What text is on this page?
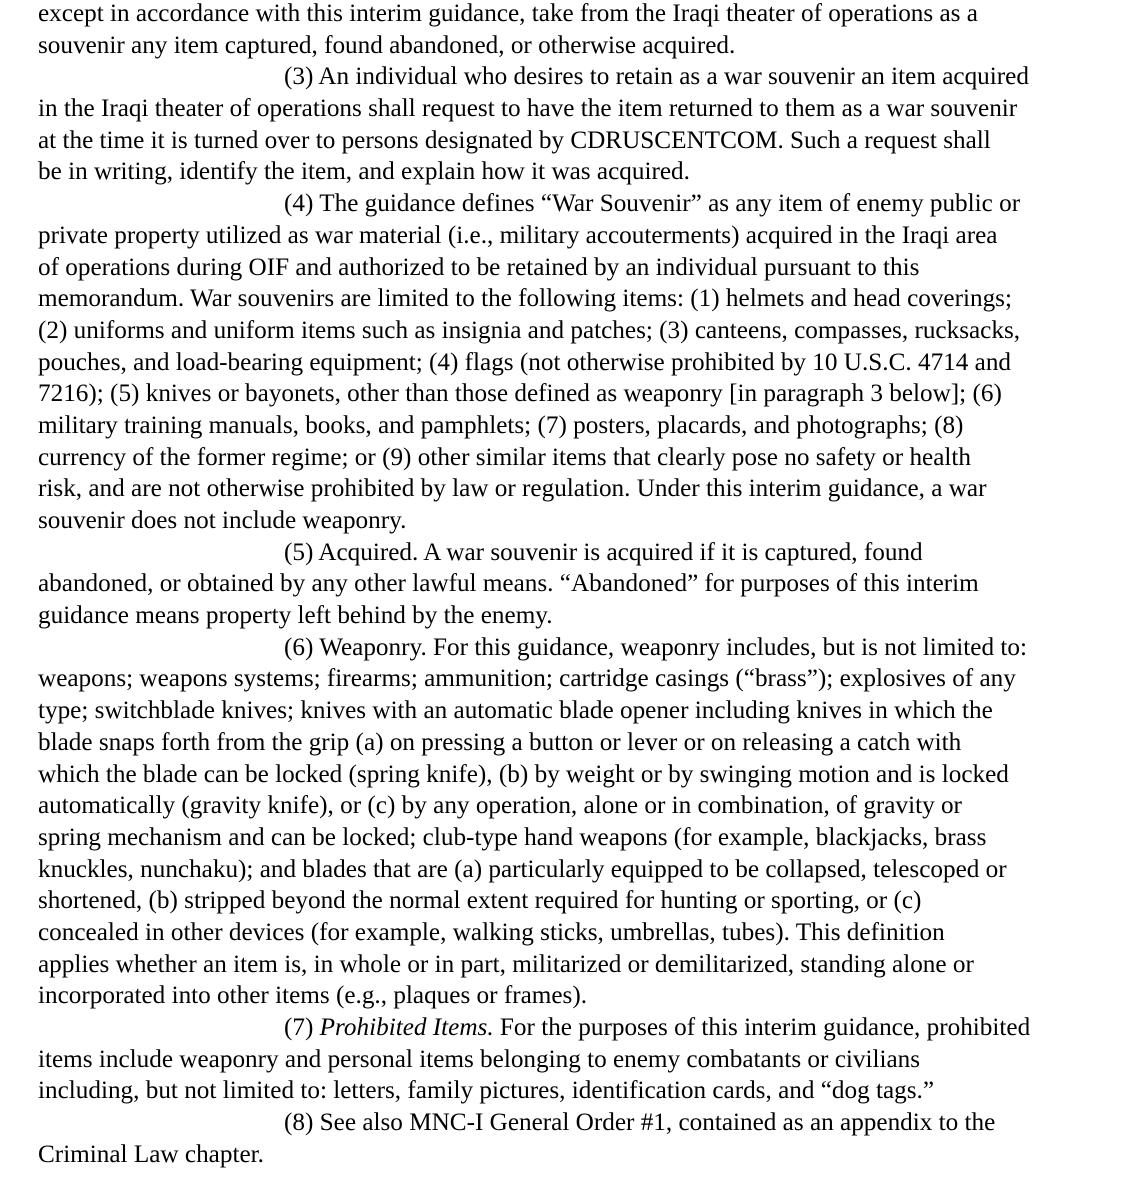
except in accordance with this interim guidance, take from the Iraqi theater of operations as a
souvenir any item captured, found abandoned, or otherwise acquired.
(3) An individual who desires to retain as a war souvenir an item acquired
in the Iraqi theater of operations shall request to have the item returned to them as a war souvenir
at the time it is turned over to persons designated by CDRUSCENTCOM. Such a request shall
be in writing, identify the item, and explain how it was acquired.
(4) The guidance defines “War Souvenir” as any item of enemy public or
private property utilized as war material (i.e., military accouterments) acquired in the Iraqi area
of operations during OIF and authorized to be retained by an individual pursuant to this
memorandum. War souvenirs are limited to the following items: (1) helmets and head coverings;
(2) uniforms and uniform items such as insignia and patches; (3) canteens, compasses, rucksacks,
pouches, and load-bearing equipment; (4) flags (not otherwise prohibited by 10 U.S.C. 4714 and
7216); (5) knives or bayonets, other than those defined as weaponry [in paragraph 3 below]; (6)
military training manuals, books, and pamphlets; (7) posters, placards, and photographs; (8)
currency of the former regime; or (9) other similar items that clearly pose no safety or health
risk, and are not otherwise prohibited by law or regulation. Under this interim guidance, a war
souvenir does not include weaponry.
(5) Acquired. A war souvenir is acquired if it is captured, found
abandoned, or obtained by any other lawful means. “Abandoned” for purposes of this interim
guidance means property left behind by the enemy.
(6) Weaponry. For this guidance, weaponry includes, but is not limited to:
weapons; weapons systems; firearms; ammunition; cartridge casings (“brass”); explosives of any
type; switchblade knives; knives with an automatic blade opener including knives in which the
blade snaps forth from the grip (a) on pressing a button or lever or on releasing a catch with
which the blade can be locked (spring knife), (b) by weight or by swinging motion and is locked
automatically (gravity knife), or (c) by any operation, alone or in combination, of gravity or
spring mechanism and can be locked; club-type hand weapons (for example, blackjacks, brass
knuckles, nunchaku); and blades that are (a) particularly equipped to be collapsed, telescoped or
shortened, (b) stripped beyond the normal extent required for hunting or sporting, or (c)
concealed in other devices (for example, walking sticks, umbrellas, tubes). This definition
applies whether an item is, in whole or in part, militarized or demilitarized, standing alone or
incorporated into other items (e.g., plaques or frames).
(7) Prohibited Items. For the purposes of this interim guidance, prohibited
items include weaponry and personal items belonging to enemy combatants or civilians
including, but not limited to: letters, family pictures, identification cards, and “dog tags.”
(8) See also MNC-I General Order #1, contained as an appendix to the
Criminal Law chapter.
